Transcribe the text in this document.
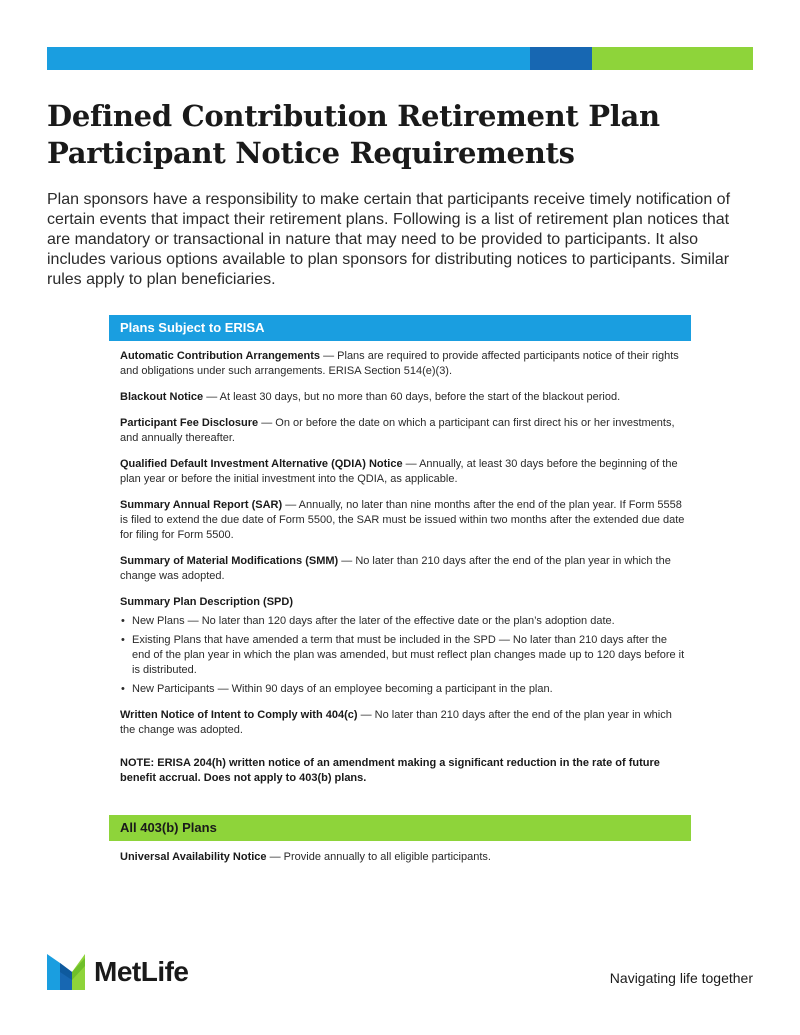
Defined Contribution Retirement Plan Participant Notice Requirements

Plan sponsors have a responsibility to make certain that participants receive timely notification of certain events that impact their retirement plans. Following is a list of retirement plan notices that are mandatory or transactional in nature that may need to be provided to participants. It also includes various options available to plan sponsors for distributing notices to participants. Similar rules apply to plan beneficiaries.

Plans Subject to ERISA

Automatic Contribution Arrangements — Plans are required to provide affected participants notice of their rights and obligations under such arrangements. ERISA Section 514(e)(3).

Blackout Notice — At least 30 days, but no more than 60 days, before the start of the blackout period.

Participant Fee Disclosure — On or before the date on which a participant can first direct his or her investments, and annually thereafter.

Qualified Default Investment Alternative (QDIA) Notice — Annually, at least 30 days before the beginning of the plan year or before the initial investment into the QDIA, as applicable.

Summary Annual Report (SAR) — Annually, no later than nine months after the end of the plan year. If Form 5558 is filed to extend the due date of Form 5500, the SAR must be issued within two months after the extended due date for filing for Form 5500.

Summary of Material Modifications (SMM) — No later than 210 days after the end of the plan year in which the change was adopted.

Summary Plan Description (SPD)

• New Plans — No later than 120 days after the later of the effective date or the plan’s adoption date.
• Existing Plans that have amended a term that must be included in the SPD — No later than 210 days after the end of the plan year in which the plan was amended, but must reflect plan changes made up to 120 days before it is distributed.
• New Participants — Within 90 days of an employee becoming a participant in the plan.

Written Notice of Intent to Comply with 404(c) — No later than 210 days after the end of the plan year in which the change was adopted.

NOTE: ERISA 204(h) written notice of an amendment making a significant reduction in the rate of future benefit accrual. Does not apply to 403(b) plans.

All 403(b) Plans

Universal Availability Notice — Provide annually to all eligible participants.

MetLife	Navigating life together
